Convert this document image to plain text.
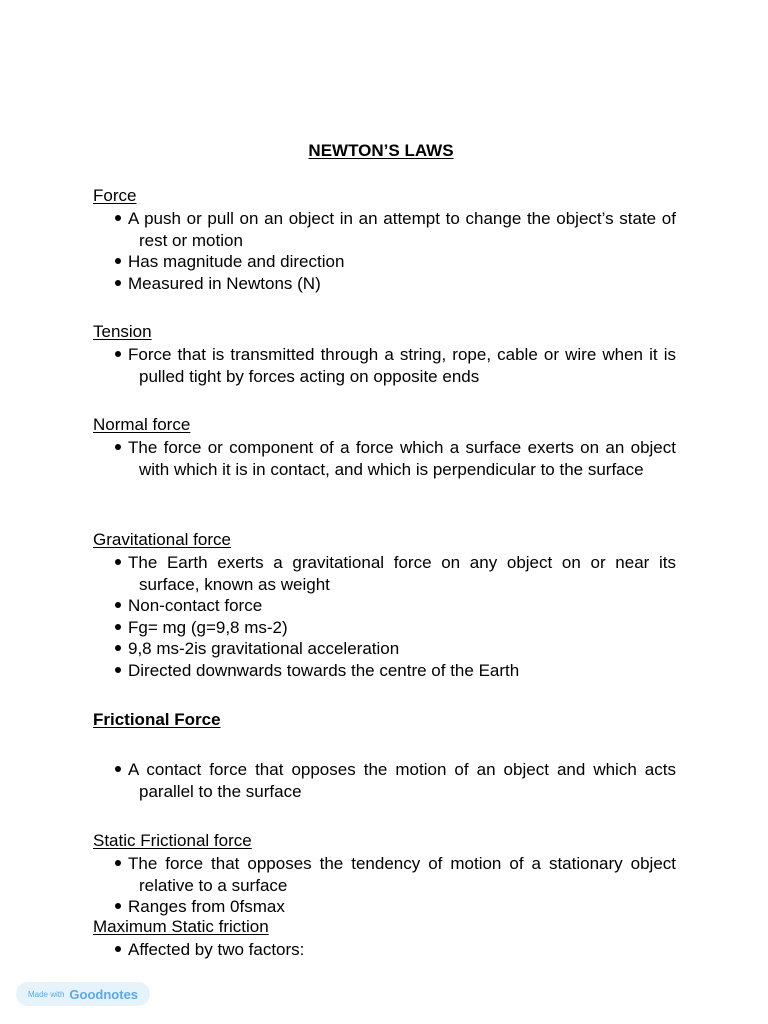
NEWTON’S LAWS
Force
A push or pull on an object in an attempt to change the object’s state of rest or motion
Has magnitude and direction
Measured in Newtons (N)
Tension
Force that is transmitted through a string, rope, cable or wire when it is pulled tight by forces acting on opposite ends
Normal force
The force or component of a force which a surface exerts on an object with which it is in contact, and which is perpendicular to the surface
Gravitational force
The Earth exerts a gravitational force on any object on or near its surface, known as weight
Non-contact force
Fg= mg (g=9,8 ms-2)
9,8 ms-2is gravitational acceleration
Directed downwards towards the centre of the Earth
Frictional Force
A contact force that opposes the motion of an object and which acts parallel to the surface
Static Frictional force
The force that opposes the tendency of motion of a stationary object relative to a surface
Ranges from 0fsmax
Maximum Static friction
Affected by two factors:
Made with Goodnotes
